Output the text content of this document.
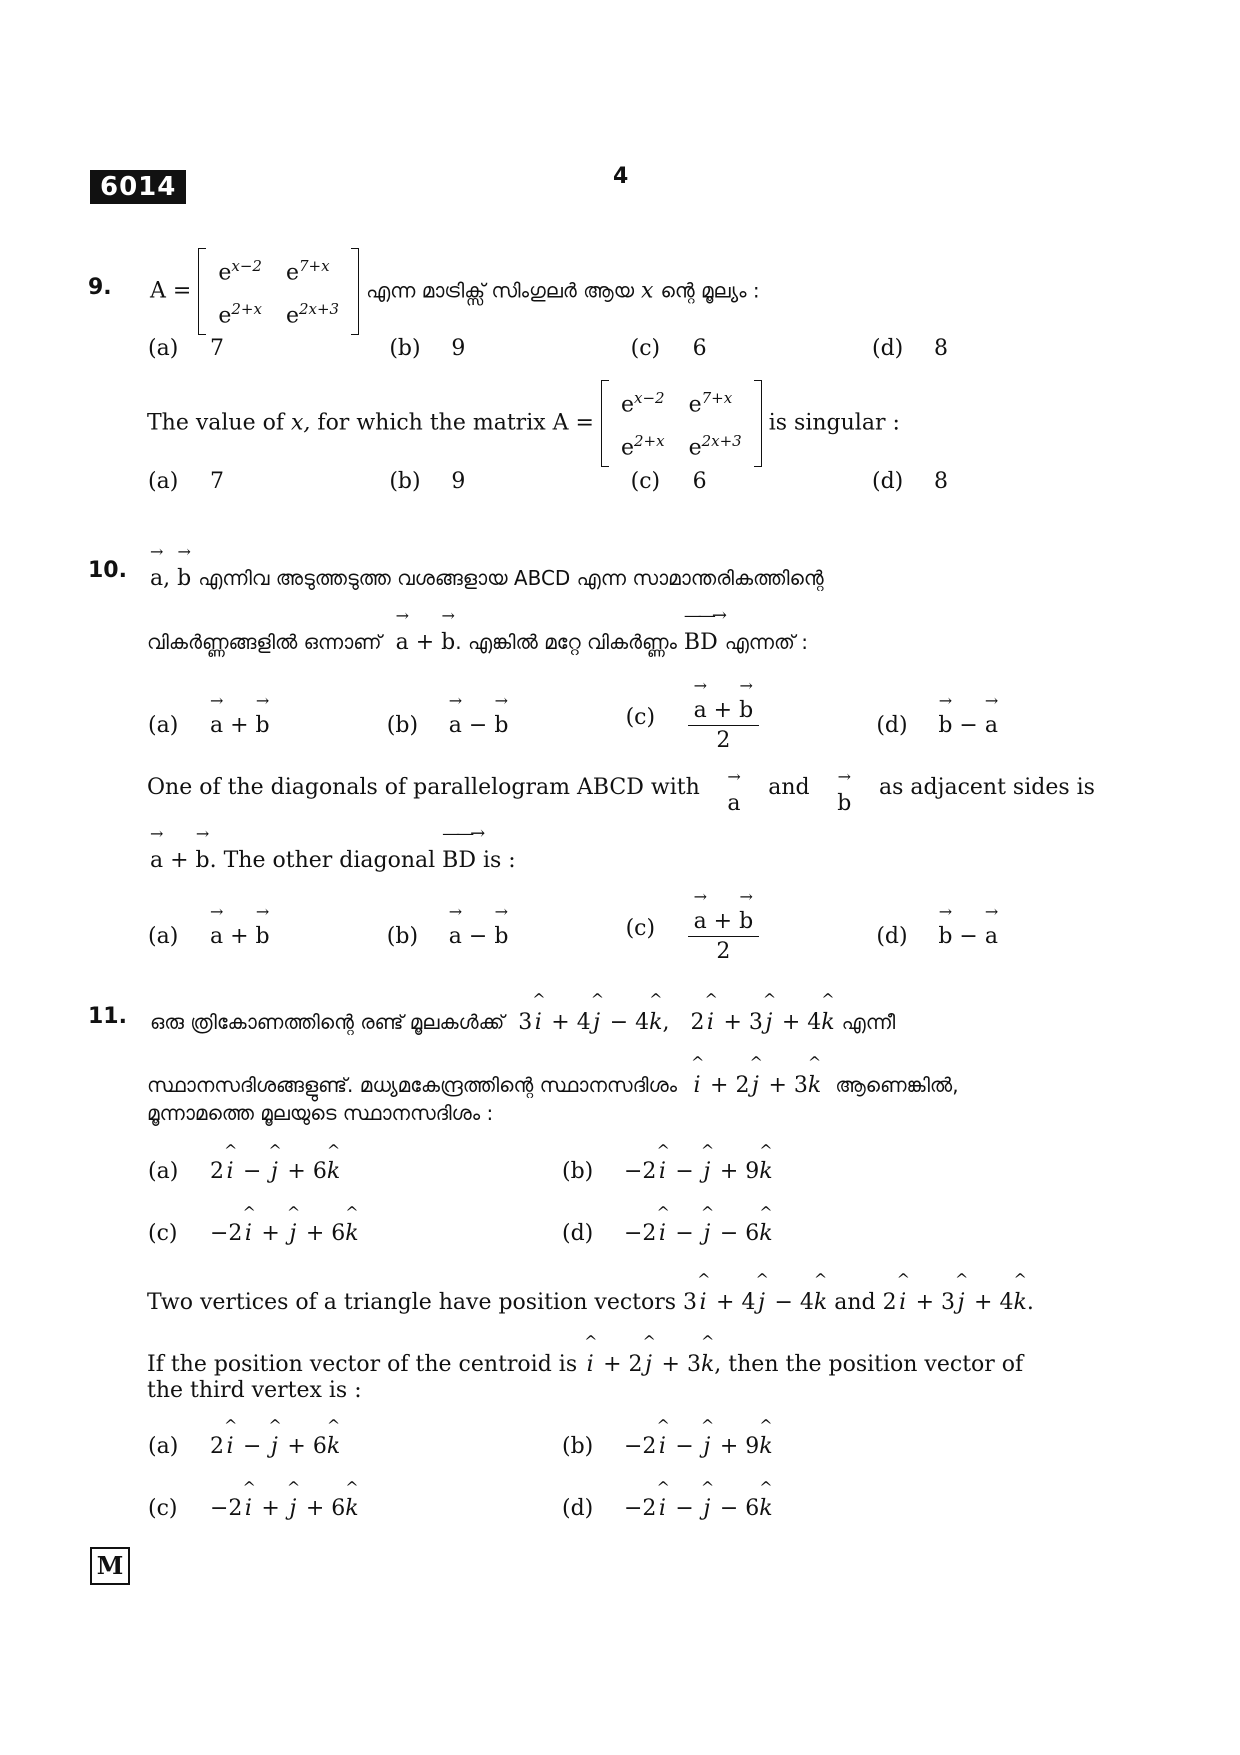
6014	4
9. A =
$e^{x-2}$	$e^{7+x}$
$e^{2+x}$	$e^{2x+3}$
എന്ന മാട്രിക്സ് സിംഗുലർ ആയ x ന്റെ മൂല്യം :
(a) 7	(b) 9	(c) 6	(d) 8
The value of x, for which the matrix A =
$e^{x-2}$	$e^{7+x}$
$e^{2+x}$	$e^{2x+3}$
is singular :
(a) 7	(b) 9	(c) 6	(d) 8
10.
→
a,
→
b എന്നിവ അടുത്തടുത്ത വശങ്ങളായ ABCD എന്ന സാമാന്തരികത്തിന്റെ
വികർണ്ണങ്ങളിൽ ഒന്നാണ്
→
a +
→
b. എങ്കിൽ മറ്റേ വികർണ്ണം
——→
BD എന്നത് :
(a)
→
a +
→
b	(b)
→
a −
→
b	(c) →
a +
→
b
2	(d)
→
b −
→
a
One of the diagonals of parallelogram ABCD with →
a
and →
b
as adjacent sides is
→
a +
→
b. The other diagonal
——→
BD is :
(a)
→
a +
→
b	(b)
→
a −
→
b	(c) →
a +
→
b
2	(d)
→
b −
→
a
11. ഒരു ത്രികോണത്തിന്റെ രണ്ട് മൂലകൾക്ക്  3
^
i + 4
^
j − 4
^
k,   2
^
i + 3
^
j + 4
^
k എന്നീ
സ്ഥാനസദിശങ്ങളുണ്ട്. മധ്യമകേന്ദ്രത്തിന്റെ സ്ഥാനസദിശം
^
i + 2
^
j + 3
^
k ആണെങ്കിൽ,
മൂന്നാമത്തെ മൂലയുടെ സ്ഥാനസദിശം :
(a) 2
^
i −
^
j + 6
^
k	(b) −2
^
i −
^
j + 9
^
k
(c) −2
^
i +
^
j + 6
^
k	(d) −2
^
i −
^
j − 6
^
k
Two vertices of a triangle have position vectors 3
^
i + 4
^
j − 4
^
k and 2
^
i + 3
^
j + 4
^
k.
If the position vector of the centroid is
^
i + 2
^
j + 3
^
k, then the position vector of
the third vertex is :
(a) 2
^
i −
^
j + 6
^
k	(b) −2
^
i −
^
j + 9
^
k
(c) −2
^
i +
^
j + 6
^
k	(d) −2
^
i −
^
j − 6
^
k
M
